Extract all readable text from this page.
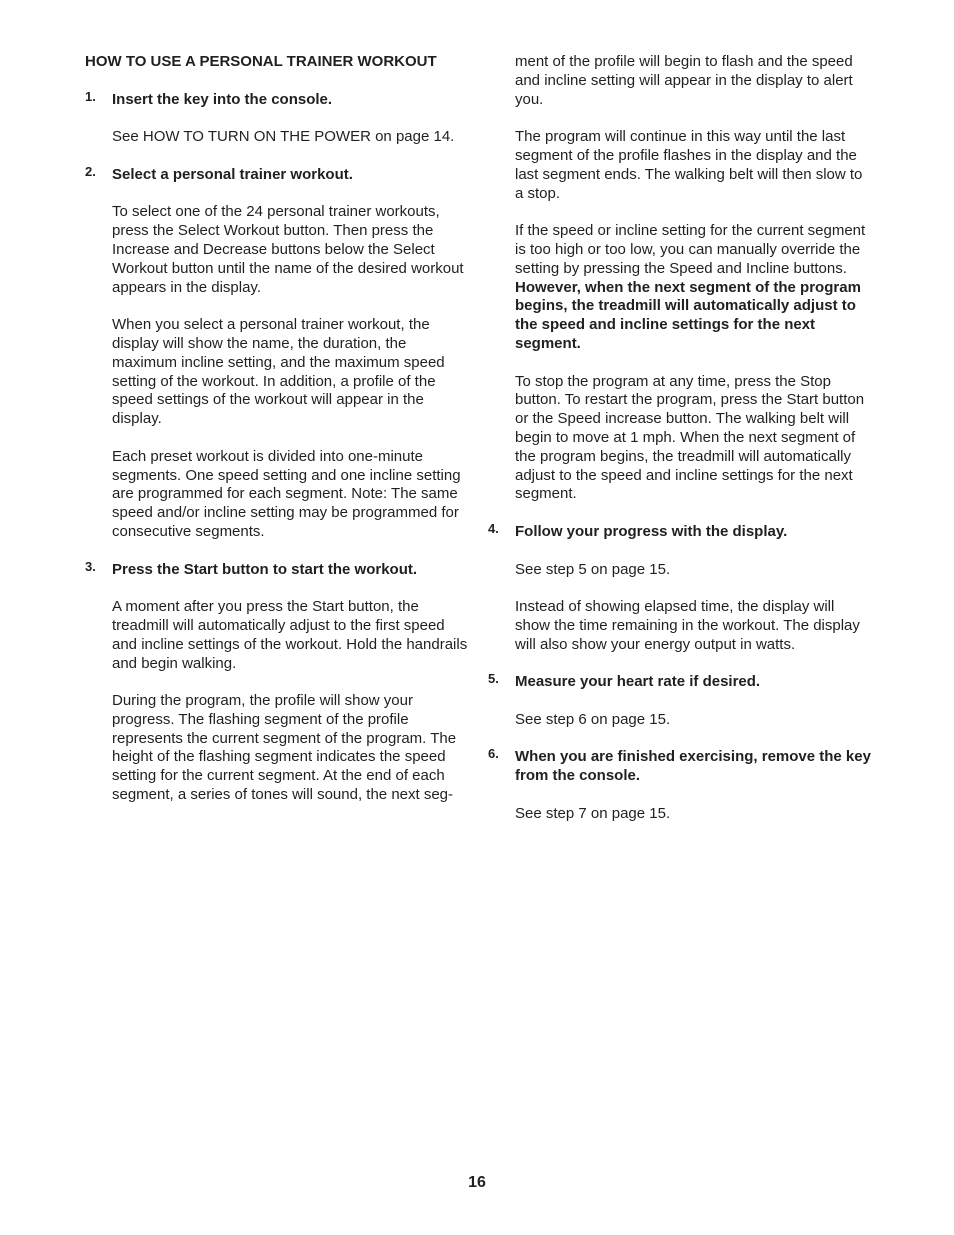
HOW TO USE A PERSONAL TRAINER WORKOUT

1.	Insert the key into the console.

See HOW TO TURN ON THE POWER on page 14.

2.	Select a personal trainer workout.

To select one of the 24 personal trainer workouts, press the Select Workout button. Then press the Increase and Decrease buttons below the Select Workout button until the name of the desired workout appears in the display.

When you select a personal trainer workout, the display will show the name, the duration, the maximum incline setting, and the maximum speed setting of the workout. In addition, a profile of the speed settings of the workout will appear in the display.

Each preset workout is divided into one-minute segments. One speed setting and one incline setting are programmed for each segment. Note: The same speed and/or incline setting may be programmed for consecutive segments.

3.	Press the Start button to start the workout.

A moment after you press the Start button, the treadmill will automatically adjust to the first speed and incline settings of the workout. Hold the handrails and begin walking.

During the program, the profile will show your progress. The flashing segment of the profile represents the current segment of the program. The height of the flashing segment indicates the speed setting for the current segment. At the end of each segment, a series of tones will sound, the next seg-

ment of the profile will begin to flash and the speed and incline setting will appear in the display to alert you.

The program will continue in this way until the last segment of the profile flashes in the display and the last segment ends. The walking belt will then slow to a stop.

If the speed or incline setting for the current segment is too high or too low, you can manually override the setting by pressing the Speed and Incline buttons. However, when the next segment of the program begins, the treadmill will automatically adjust to the speed and incline settings for the next segment.

To stop the program at any time, press the Stop button. To restart the program, press the Start button or the Speed increase button. The walking belt will begin to move at 1 mph. When the next segment of the program begins, the treadmill will automatically adjust to the speed and incline settings for the next segment.

4.	Follow your progress with the display.

See step 5 on page 15.

Instead of showing elapsed time, the display will show the time remaining in the workout. The display will also show your energy output in watts.

5.	Measure your heart rate if desired.

See step 6 on page 15.

6.	When you are finished exercising, remove the key from the console.

See step 7 on page 15.

16
